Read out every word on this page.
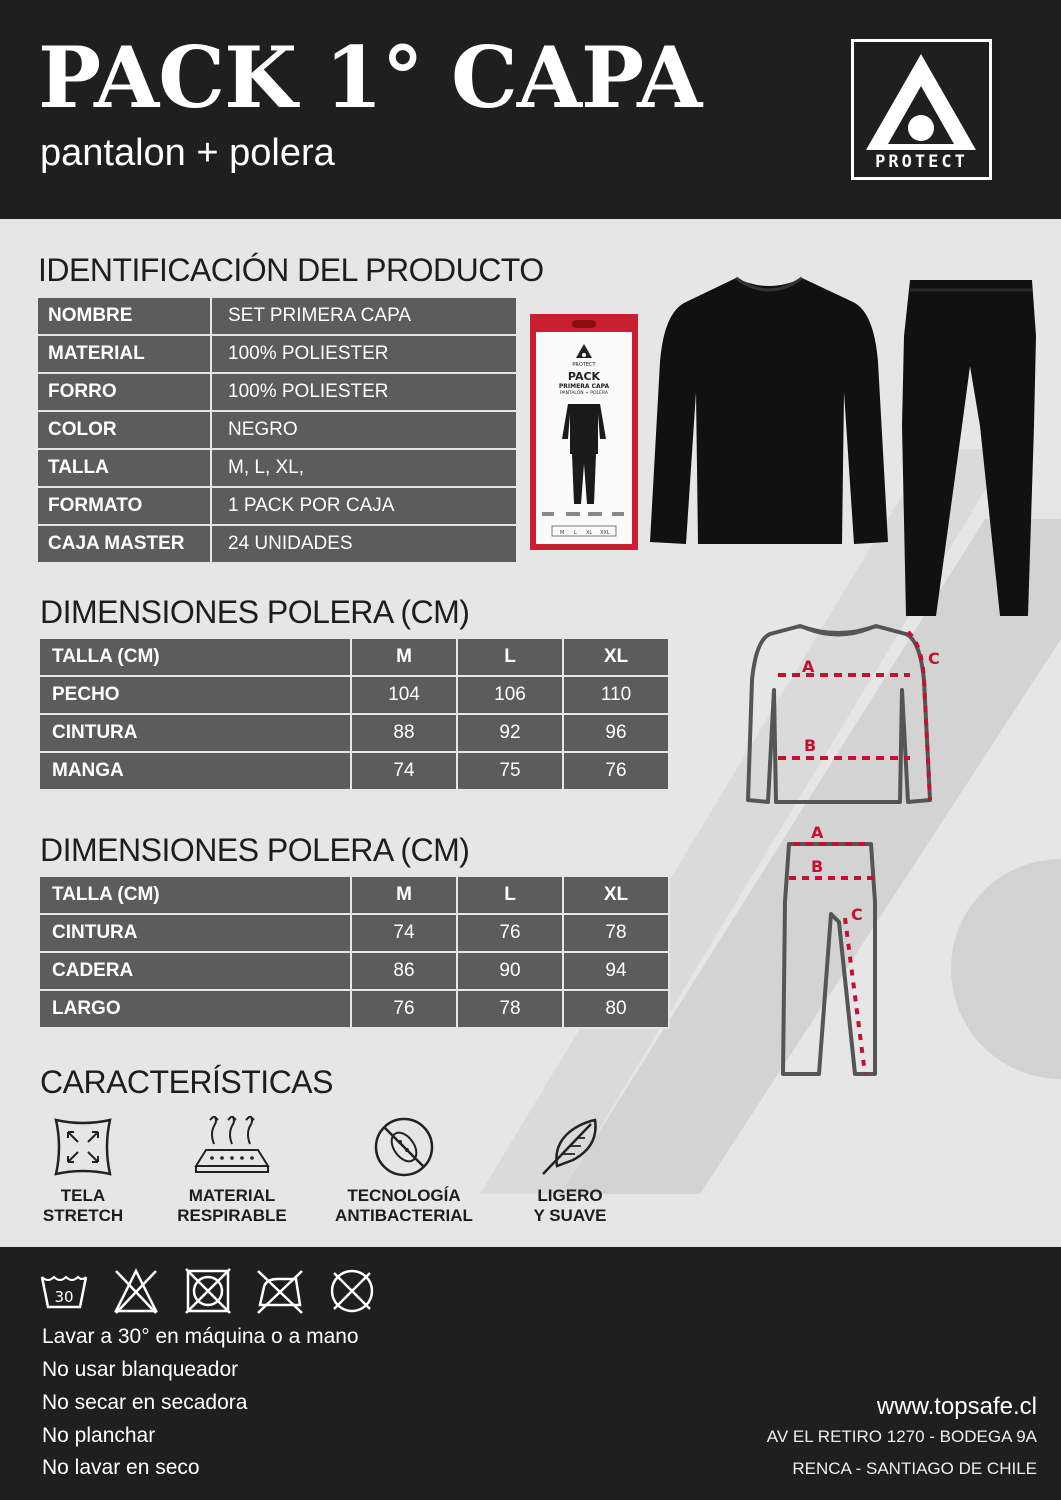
PACK 1° CAPA
pantalon + polera	PROTECT
IDENTIFICACIÓN DEL PRODUCTO
NOMBRE	SET PRIMERA CAPA
MATERIAL	100% POLIESTER
FORRO	100% POLIESTER
COLOR	NEGRO
TALLA	M, L, XL,
FORMATO	1 PACK POR CAJA
CAJA MASTER	24 UNIDADES
PROTECT
PACK
PRIMERA CAPA
PANTALÓN + POLERA
M L XL XXL
DIMENSIONES POLERA (CM)
TALLA (CM)	M	L	XL
PECHO	104	106	110
CINTURA	88	92	96
MANGA	74	75	76
A
B
C
DIMENSIONES POLERA (CM)
TALLA (CM)	M	L	XL
CINTURA	74	76	78
CADERA	86	90	94
LARGO	76	78	80
A
B
C
CARACTERÍSTICAS
TELA
STRETCH
MATERIAL
RESPIRABLE
TECNOLOGÍA
ANTIBACTERIAL
LIGERO
Y SUAVE
30
Lavar a 30° en máquina o a mano
No usar blanqueador
No secar en secadora
No planchar
No lavar en seco
www.topsafe.cl
AV EL RETIRO 1270 - BODEGA 9A
RENCA - SANTIAGO DE CHILE
